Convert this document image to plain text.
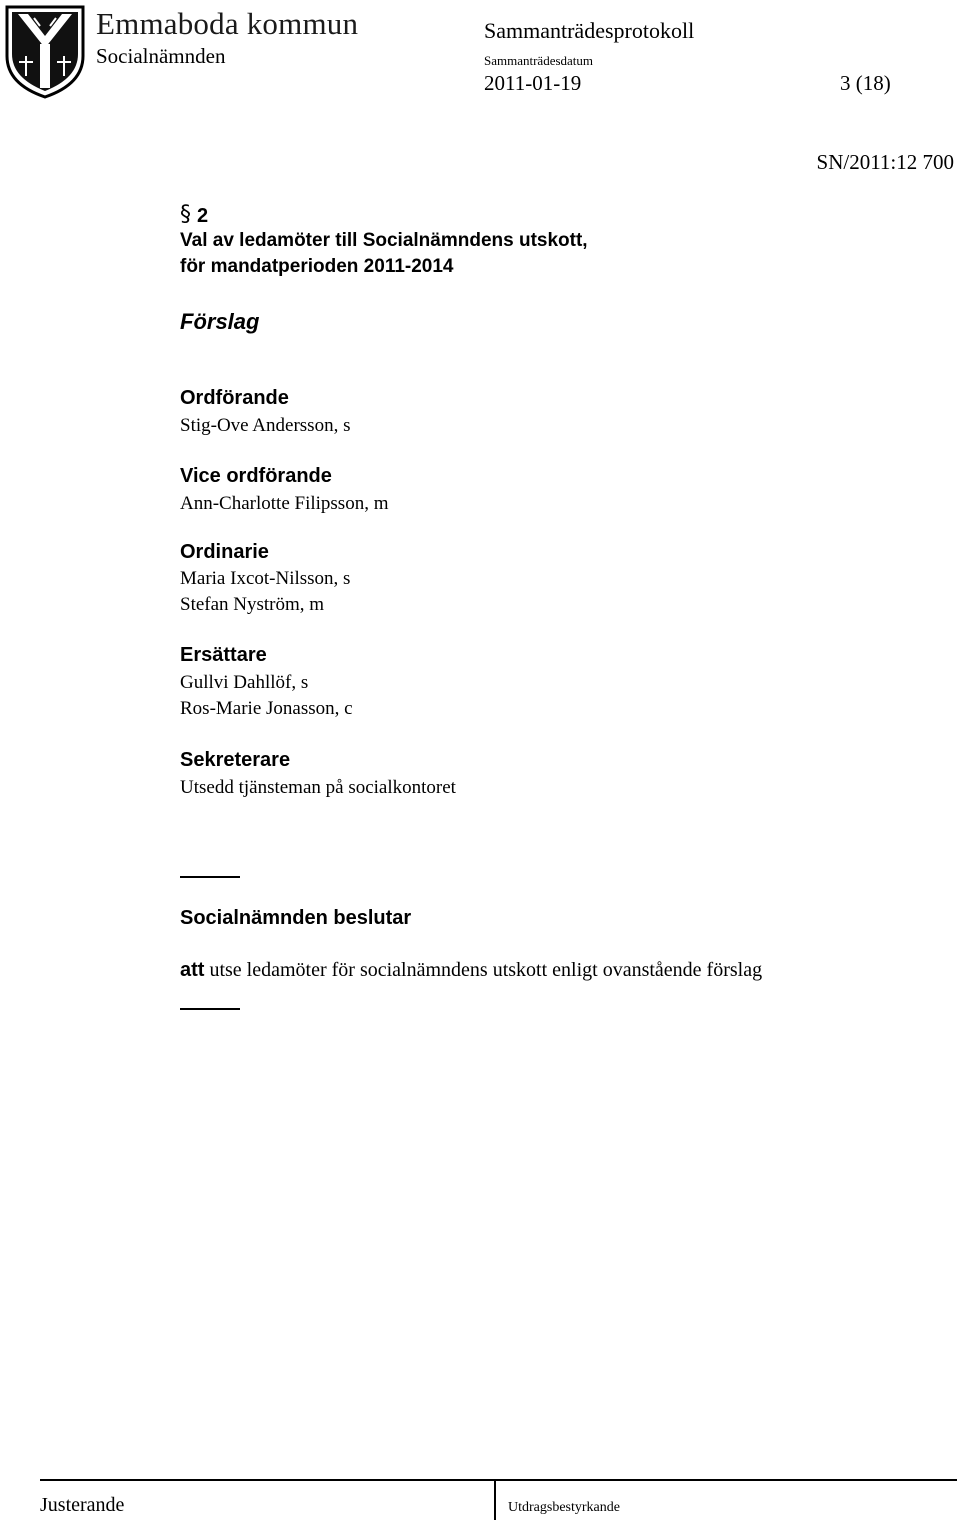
Emmaboda kommun
Socialnämnden
Sammanträdesprotokoll
Sammanträdesdatum
2011-01-19	3 (18)
SN/2011:12 700
§ 2
Val av ledamöter till Socialnämndens utskott,
för mandatperioden 2011-2014
Förslag
Ordförande
Stig-Ove Andersson, s
Vice ordförande
Ann-Charlotte Filipsson, m
Ordinarie
Maria Ixcot-Nilsson, s
Stefan Nyström, m
Ersättare
Gullvi Dahllöf, s
Ros-Marie Jonasson, c
Sekreterare
Utsedd tjänsteman på socialkontoret
Socialnämnden beslutar
att utse ledamöter för socialnämndens utskott enligt ovanstående förslag
Justerande	Utdragsbestyrkande
